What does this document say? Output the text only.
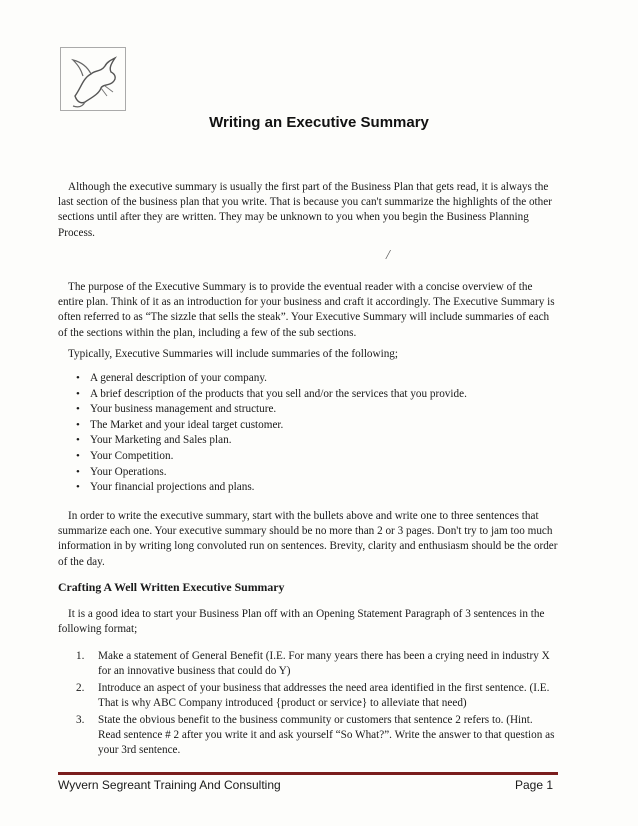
Writing an Executive Summary

Although the executive summary is usually the first part of the Business Plan that gets read, it is always the last section of the business plan that you write. That is because you can't summarize the highlights of the other sections until after they are written. They may be unknown to you when you begin the Business Planning Process.

/

The purpose of the Executive Summary is to provide the eventual reader with a concise overview of the entire plan. Think of it as an introduction for your business and craft it accordingly. The Executive Summary is often referred to as “The sizzle that sells the steak”. Your Executive Summary will include summaries of each of the sections within the plan, including a few of the sub sections.

Typically, Executive Summaries will include summaries of the following;

• A general description of your company.
• A brief description of the products that you sell and/or the services that you provide.
• Your business management and structure.
• The Market and your ideal target customer.
• Your Marketing and Sales plan.
• Your Competition.
• Your Operations.
• Your financial projections and plans.

In order to write the executive summary, start with the bullets above and write one to three sentences that summarize each one. Your executive summary should be no more than 2 or 3 pages. Don't try to jam too much information in by writing long convoluted run on sentences. Brevity, clarity and enthusiasm should be the order of the day.

Crafting A Well Written Executive Summary

It is a good idea to start your Business Plan off with an Opening Statement Paragraph of 3 sentences in the following format;

1. Make a statement of General Benefit (I.E. For many years there has been a crying need in industry X for an innovative business that could do Y)
2. Introduce an aspect of your business that addresses the need area identified in the first sentence. (I.E. That is why ABC Company introduced {product or service} to alleviate that need)
3. State the obvious benefit to the business community or customers that sentence 2 refers to. (Hint. Read sentence # 2 after you write it and ask yourself “So What?”. Write the answer to that question as your 3rd sentence.
Wyvern Segreant Training And Consulting	Page 1
